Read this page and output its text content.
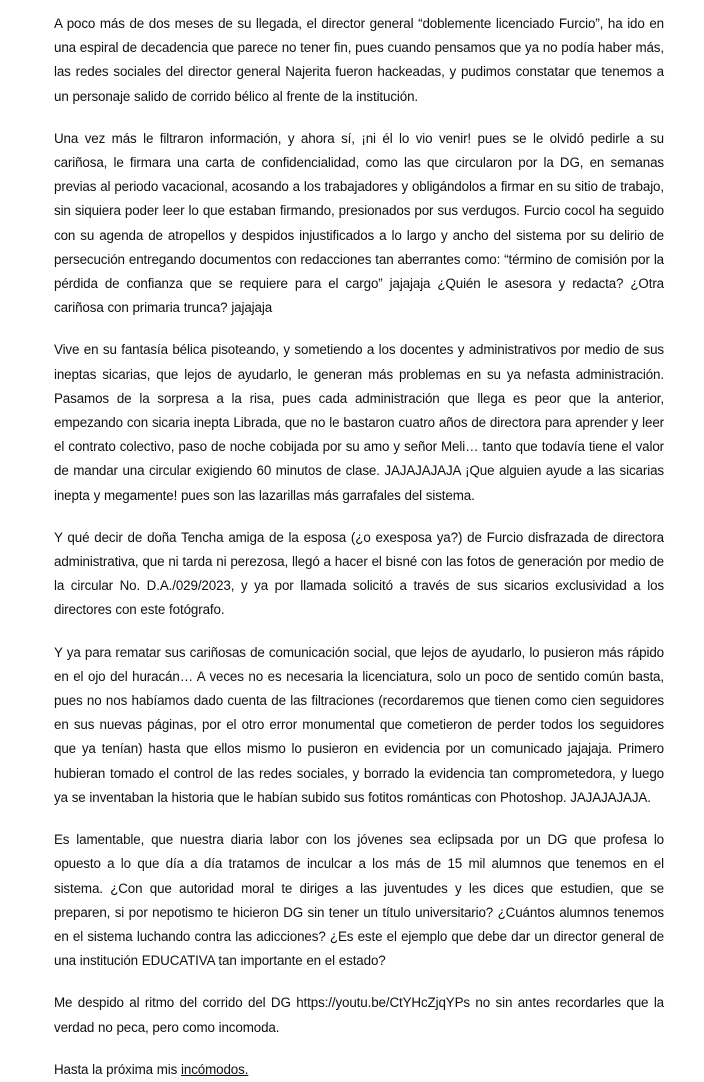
A poco más de dos meses de su llegada, el director general “doblemente licenciado Furcio”, ha ido en una espiral de decadencia que parece no tener fin, pues cuando pensamos que ya no podía haber más, las redes sociales del director general Najerita fueron hackeadas, y pudimos constatar que tenemos a un personaje salido de corrido bélico al frente de la institución.

Una vez más le filtraron información, y ahora sí, ¡ni él lo vio venir! pues se le olvidó pedirle a su cariñosa, le firmara una carta de confidencialidad, como las que circularon por la DG, en semanas previas al periodo vacacional, acosando a los trabajadores y obligándolos a firmar en su sitio de trabajo, sin siquiera poder leer lo que estaban firmando, presionados por sus verdugos. Furcio cocol ha seguido con su agenda de atropellos y despidos injustificados a lo largo y ancho del sistema por su delirio de persecución entregando documentos con redacciones tan aberrantes como: “término de comisión por la pérdida de confianza que se requiere para el cargo” jajajaja ¿Quién le asesora y redacta? ¿Otra cariñosa con primaria trunca? jajajaja

Vive en su fantasía bélica pisoteando, y sometiendo a los docentes y administrativos por medio de sus ineptas sicarias, que lejos de ayudarlo, le generan más problemas en su ya nefasta administración. Pasamos de la sorpresa a la risa, pues cada administración que llega es peor que la anterior, empezando con sicaria inepta Librada, que no le bastaron cuatro años de directora para aprender y leer el contrato colectivo, paso de noche cobijada por su amo y señor Meli… tanto que todavía tiene el valor de mandar una circular exigiendo 60 minutos de clase. JAJAJAJAJA ¡Que alguien ayude a las sicarias inepta y megamente! pues son las lazarillas más garrafales del sistema.

Y qué decir de doña Tencha amiga de la esposa (¿o exesposa ya?) de Furcio disfrazada de directora administrativa, que ni tarda ni perezosa, llegó a hacer el bisné con las fotos de generación por medio de la circular No. D.A./029/2023, y ya por llamada solicitó a través de sus sicarios exclusividad a los directores con este fotógrafo.

Y ya para rematar sus cariñosas de comunicación social, que lejos de ayudarlo, lo pusieron más rápido en el ojo del huracán… A veces no es necesaria la licenciatura, solo un poco de sentido común basta, pues no nos habíamos dado cuenta de las filtraciones (recordaremos que tienen como cien seguidores en sus nuevas páginas, por el otro error monumental que cometieron de perder todos los seguidores que ya tenían) hasta que ellos mismo lo pusieron en evidencia por un comunicado jajajaja. Primero hubieran tomado el control de las redes sociales, y borrado la evidencia tan comprometedora, y luego ya se inventaban la historia que le habían subido sus fotitos románticas con Photoshop. JAJAJAJAJA.

Es lamentable, que nuestra diaria labor con los jóvenes sea eclipsada por un DG que profesa lo opuesto a lo que día a día tratamos de inculcar a los más de 15 mil alumnos que tenemos en el sistema. ¿Con que autoridad moral te diriges a las juventudes y les dices que estudien, que se preparen, si por nepotismo te hicieron DG sin tener un título universitario? ¿Cuántos alumnos tenemos en el sistema luchando contra las adicciones? ¿Es este el ejemplo que debe dar un director general de una institución EDUCATIVA tan importante en el estado?

Me despido al ritmo del corrido del DG https://youtu.be/CtYHcZjqYPs no sin antes recordarles que la verdad no peca, pero como incomoda.

Hasta la próxima mis incómodos.
